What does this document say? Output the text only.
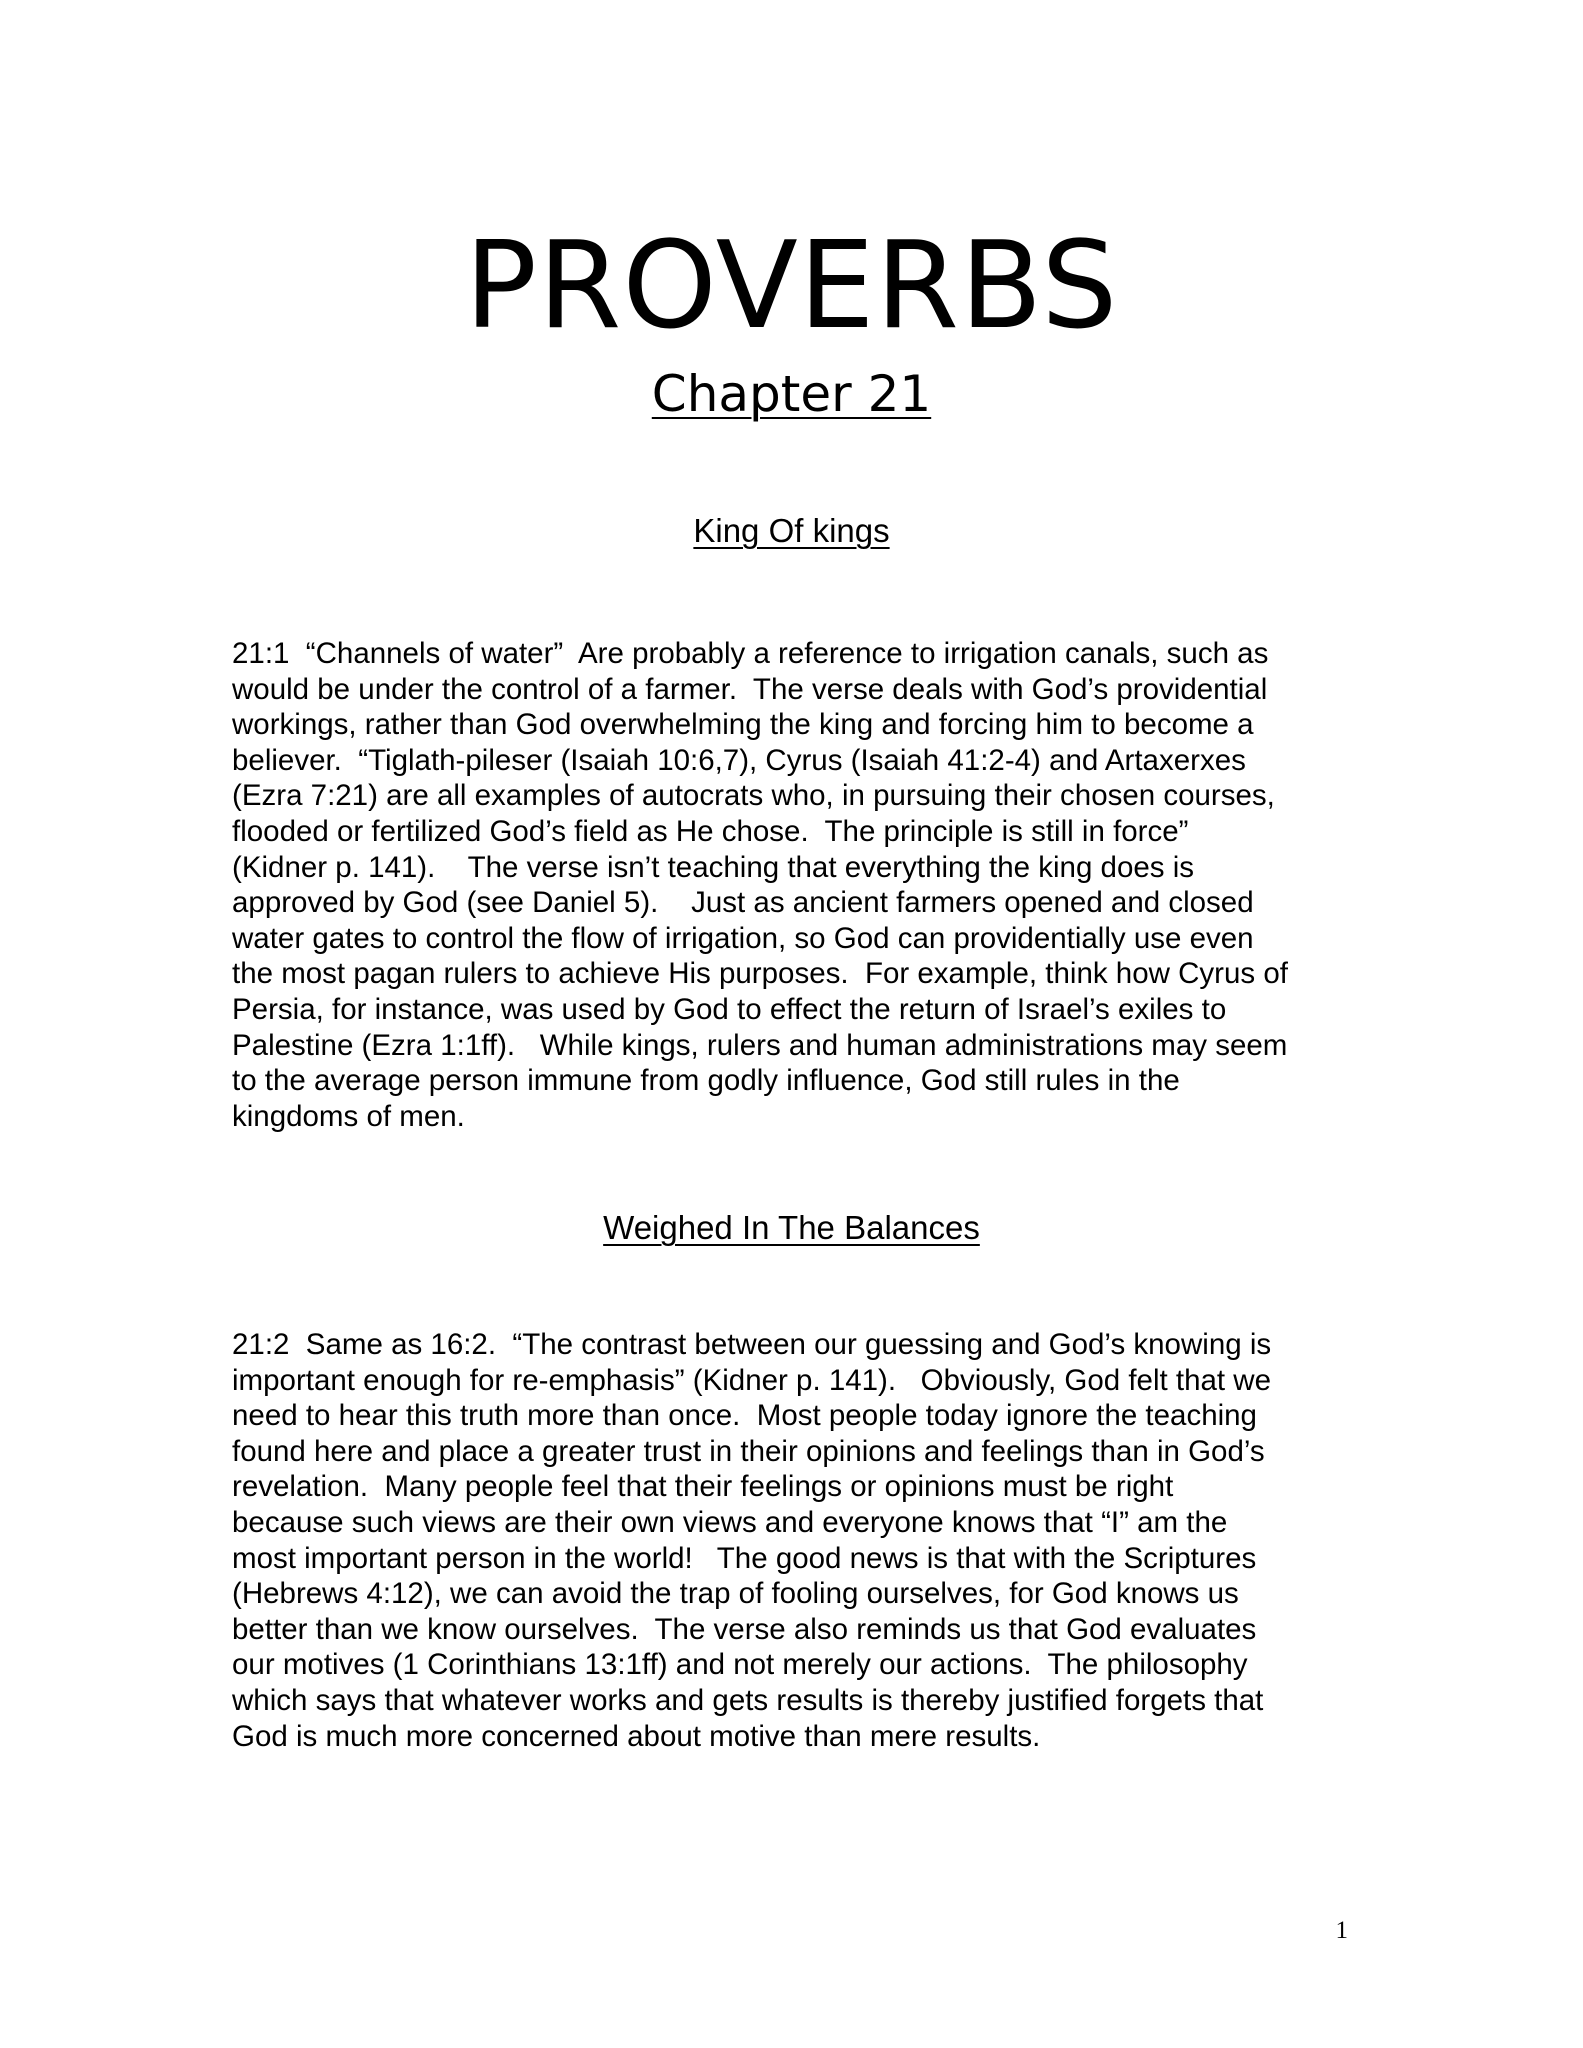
PROVERBS
Chapter 21
King Of kings

21:1  “Channels of water”  Are probably a reference to irrigation canals, such as
would be under the control of a farmer.  The verse deals with God’s providential
workings, rather than God overwhelming the king and forcing him to become a
believer.  “Tiglath-pileser (Isaiah 10:6,7), Cyrus (Isaiah 41:2-4) and Artaxerxes
(Ezra 7:21) are all examples of autocrats who, in pursuing their chosen courses,
flooded or fertilized God’s field as He chose.  The principle is still in force”
(Kidner p. 141).    The verse isn’t teaching that everything the king does is
approved by God (see Daniel 5).    Just as ancient farmers opened and closed
water gates to control the flow of irrigation, so God can providentially use even
the most pagan rulers to achieve His purposes.  For example, think how Cyrus of
Persia, for instance, was used by God to effect the return of Israel’s exiles to
Palestine (Ezra 1:1ff).   While kings, rulers and human administrations may seem
to the average person immune from godly influence, God still rules in the
kingdoms of men.

Weighed In The Balances

21:2  Same as 16:2.  “The contrast between our guessing and God’s knowing is
important enough for re-emphasis” (Kidner p. 141).   Obviously, God felt that we
need to hear this truth more than once.  Most people today ignore the teaching
found here and place a greater trust in their opinions and feelings than in God’s
revelation.  Many people feel that their feelings or opinions must be right
because such views are their own views and everyone knows that “I” am the
most important person in the world!   The good news is that with the Scriptures
(Hebrews 4:12), we can avoid the trap of fooling ourselves, for God knows us
better than we know ourselves.  The verse also reminds us that God evaluates
our motives (1 Corinthians 13:1ff) and not merely our actions.  The philosophy
which says that whatever works and gets results is thereby justified forgets that
God is much more concerned about motive than mere results.

1
